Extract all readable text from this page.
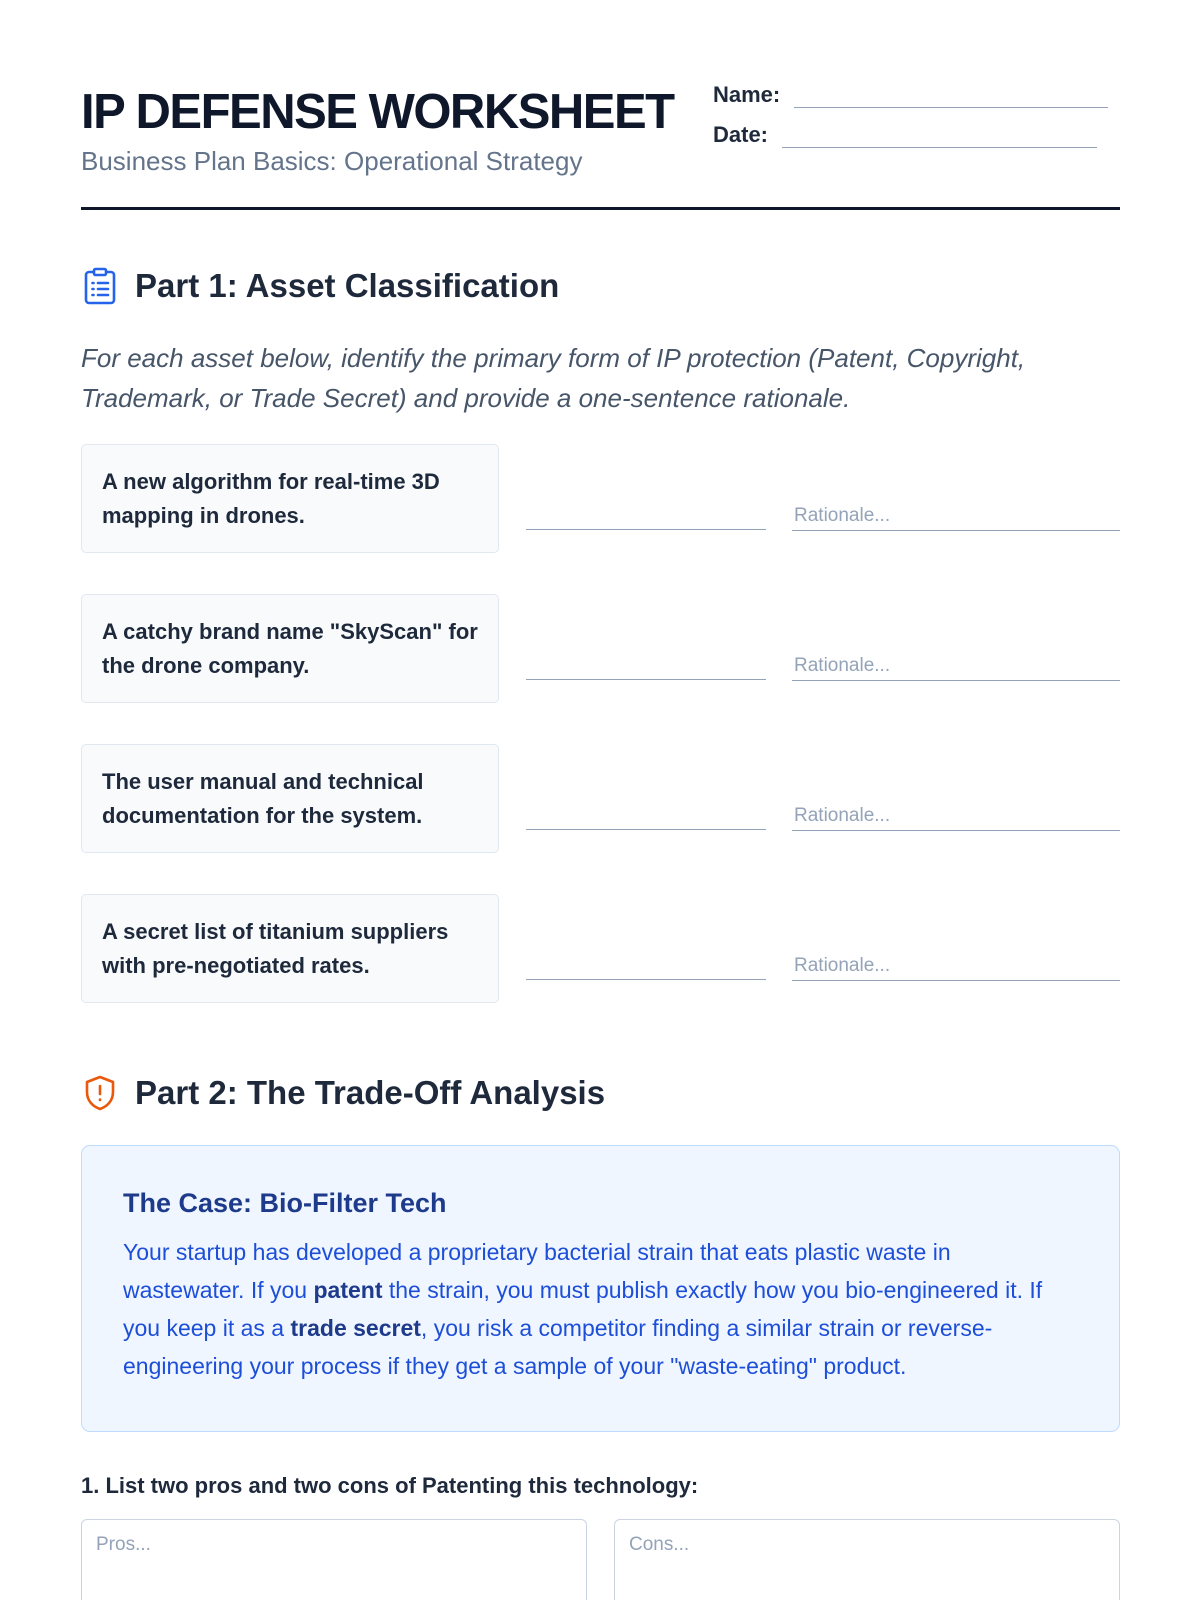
IP DEFENSE WORKSHEET
Business Plan Basics: Operational Strategy
Name:
Date:
Part 1: Asset Classification
For each asset below, identify the primary form of IP protection (Patent, Copyright, Trademark, or Trade Secret) and provide a one-sentence rationale.
A new algorithm for real-time 3D mapping in drones.	Rationale...
A catchy brand name "SkyScan" for the drone company.	Rationale...
The user manual and technical documentation for the system.	Rationale...
A secret list of titanium suppliers with pre-negotiated rates.	Rationale...
Part 2: The Trade-Off Analysis
The Case: Bio-Filter Tech
Your startup has developed a proprietary bacterial strain that eats plastic waste in wastewater. If you patent the strain, you must publish exactly how you bio-engineered it. If you keep it as a trade secret, you risk a competitor finding a similar strain or reverse-engineering your process if they get a sample of your "waste-eating" product.
1. List two pros and two cons of Patenting this technology:
Pros...	Cons...
